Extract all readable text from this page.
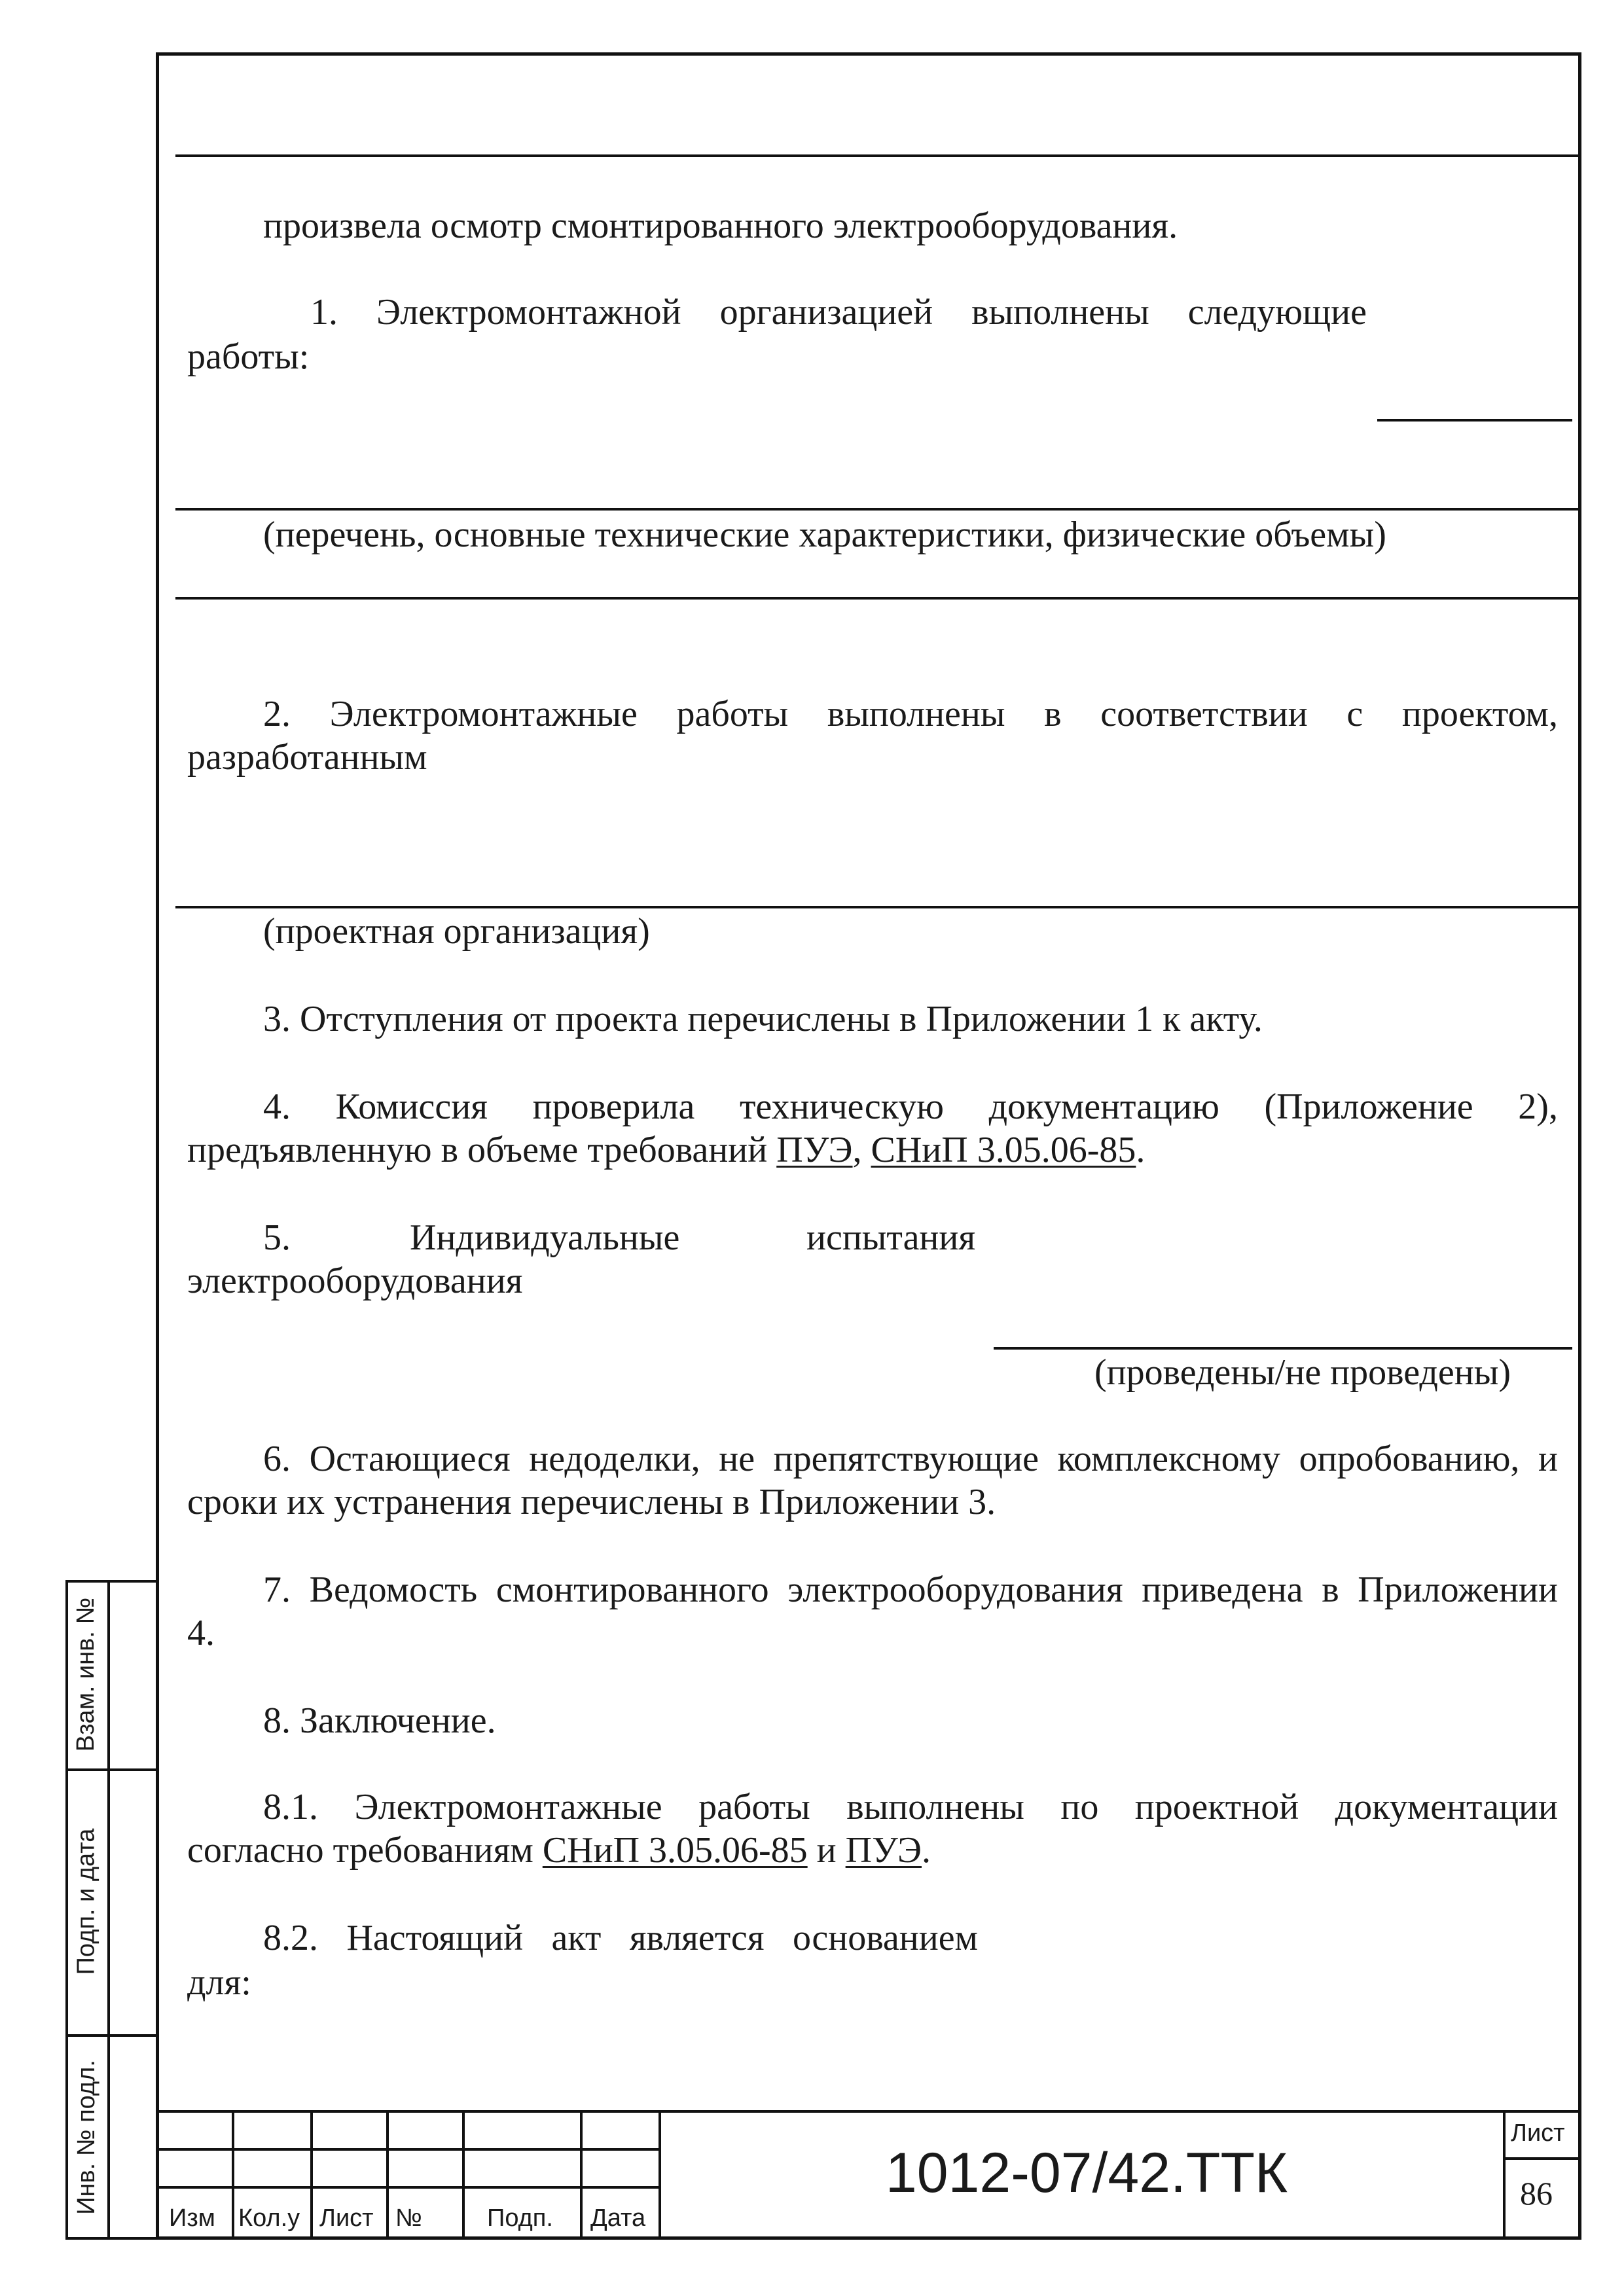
произвела осмотр смонтированного электрооборудования.
1. Электромонтажной организацией выполнены следующие
работы:
(перечень, основные технические характеристики, физические объемы)
2. Электромонтажные работы выполнены в соответствии с проектом,
разработанным
(проектная организация)
3. Отступления от проекта перечислены в Приложении 1 к акту.
4. Комиссия проверила техническую документацию (Приложение 2),
предъявленную в объеме требований ПУЭ, СНиП 3.05.06-85.
5.	Индивидуальные	испытания
электрооборудования
(проведены/не проведены)
6. Остающиеся недоделки, не препятствующие комплексному опробованию, и
сроки их устранения перечислены в Приложении 3.
7. Ведомость смонтированного электрооборудования приведена в Приложении
4.
8. Заключение.
8.1. Электромонтажные работы выполнены по проектной документации
согласно требованиям СНиП 3.05.06-85 и ПУЭ.
8.2. Настоящий акт является основанием
для:
Взам. инв. №
Подп. и дата
Инв. № подл.
Изм Кол.у Лист №	Подп. Дата
1012-07/42.ТТК
Лист
86
